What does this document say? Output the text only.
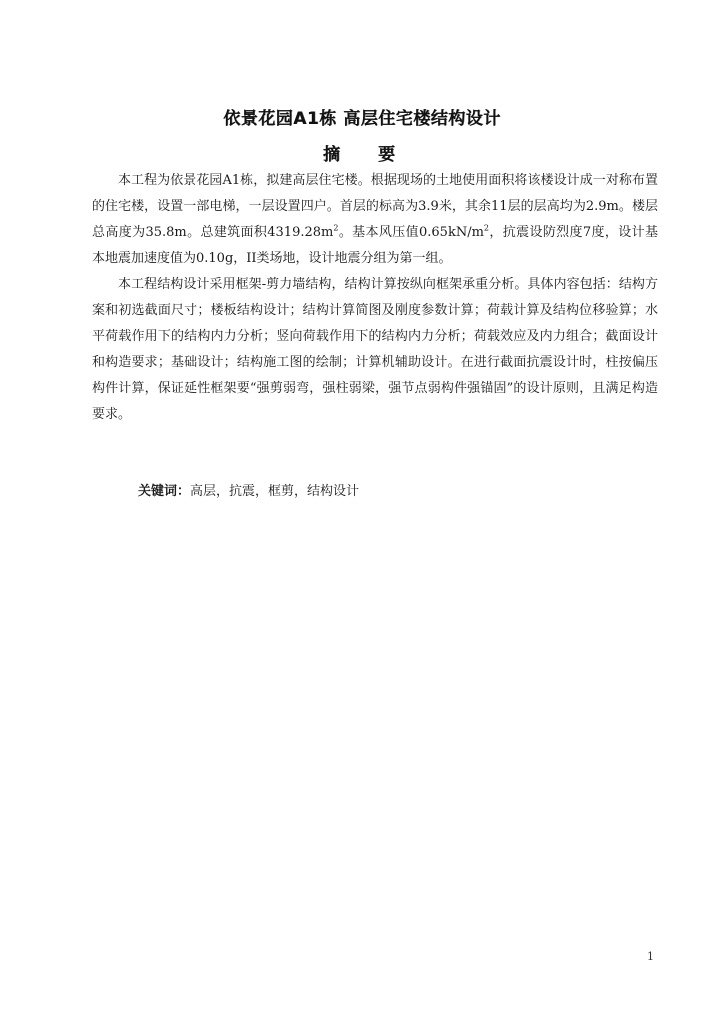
依景花园A1栋 高层住宅楼结构设计
摘 要

本工程为依景花园A1栋，拟建高层住宅楼。根据现场的土地使用面积将该楼设计成一对称布置的住宅楼，设置一部电梯，一层设置四户。首层的标高为3.9米，其余11层的层高均为2.9m。楼层总高度为35.8m。总建筑面积$4319.28m^2$。基本风压值$0.65kN/m^2$，抗震设防烈度7度，设计基本地震加速度值为0.10g，II类场地，设计地震分组为第一组。

本工程结构设计采用框架-剪力墙结构，结构计算按纵向框架承重分析。具体内容包括：结构方案和初选截面尺寸；楼板结构设计；结构计算简图及刚度参数计算；荷载计算及结构位移验算；水平荷载作用下的结构内力分析；竖向荷载作用下的结构内力分析；荷载效应及内力组合；截面设计和构造要求；基础设计；结构施工图的绘制；计算机辅助设计。在进行截面抗震设计时，柱按偏压构件计算，保证延性框架要“强剪弱弯，强柱弱梁，强节点弱构件强锚固”的设计原则，且满足构造要求。

关键词：高层，抗震，框剪，结构设计
1
